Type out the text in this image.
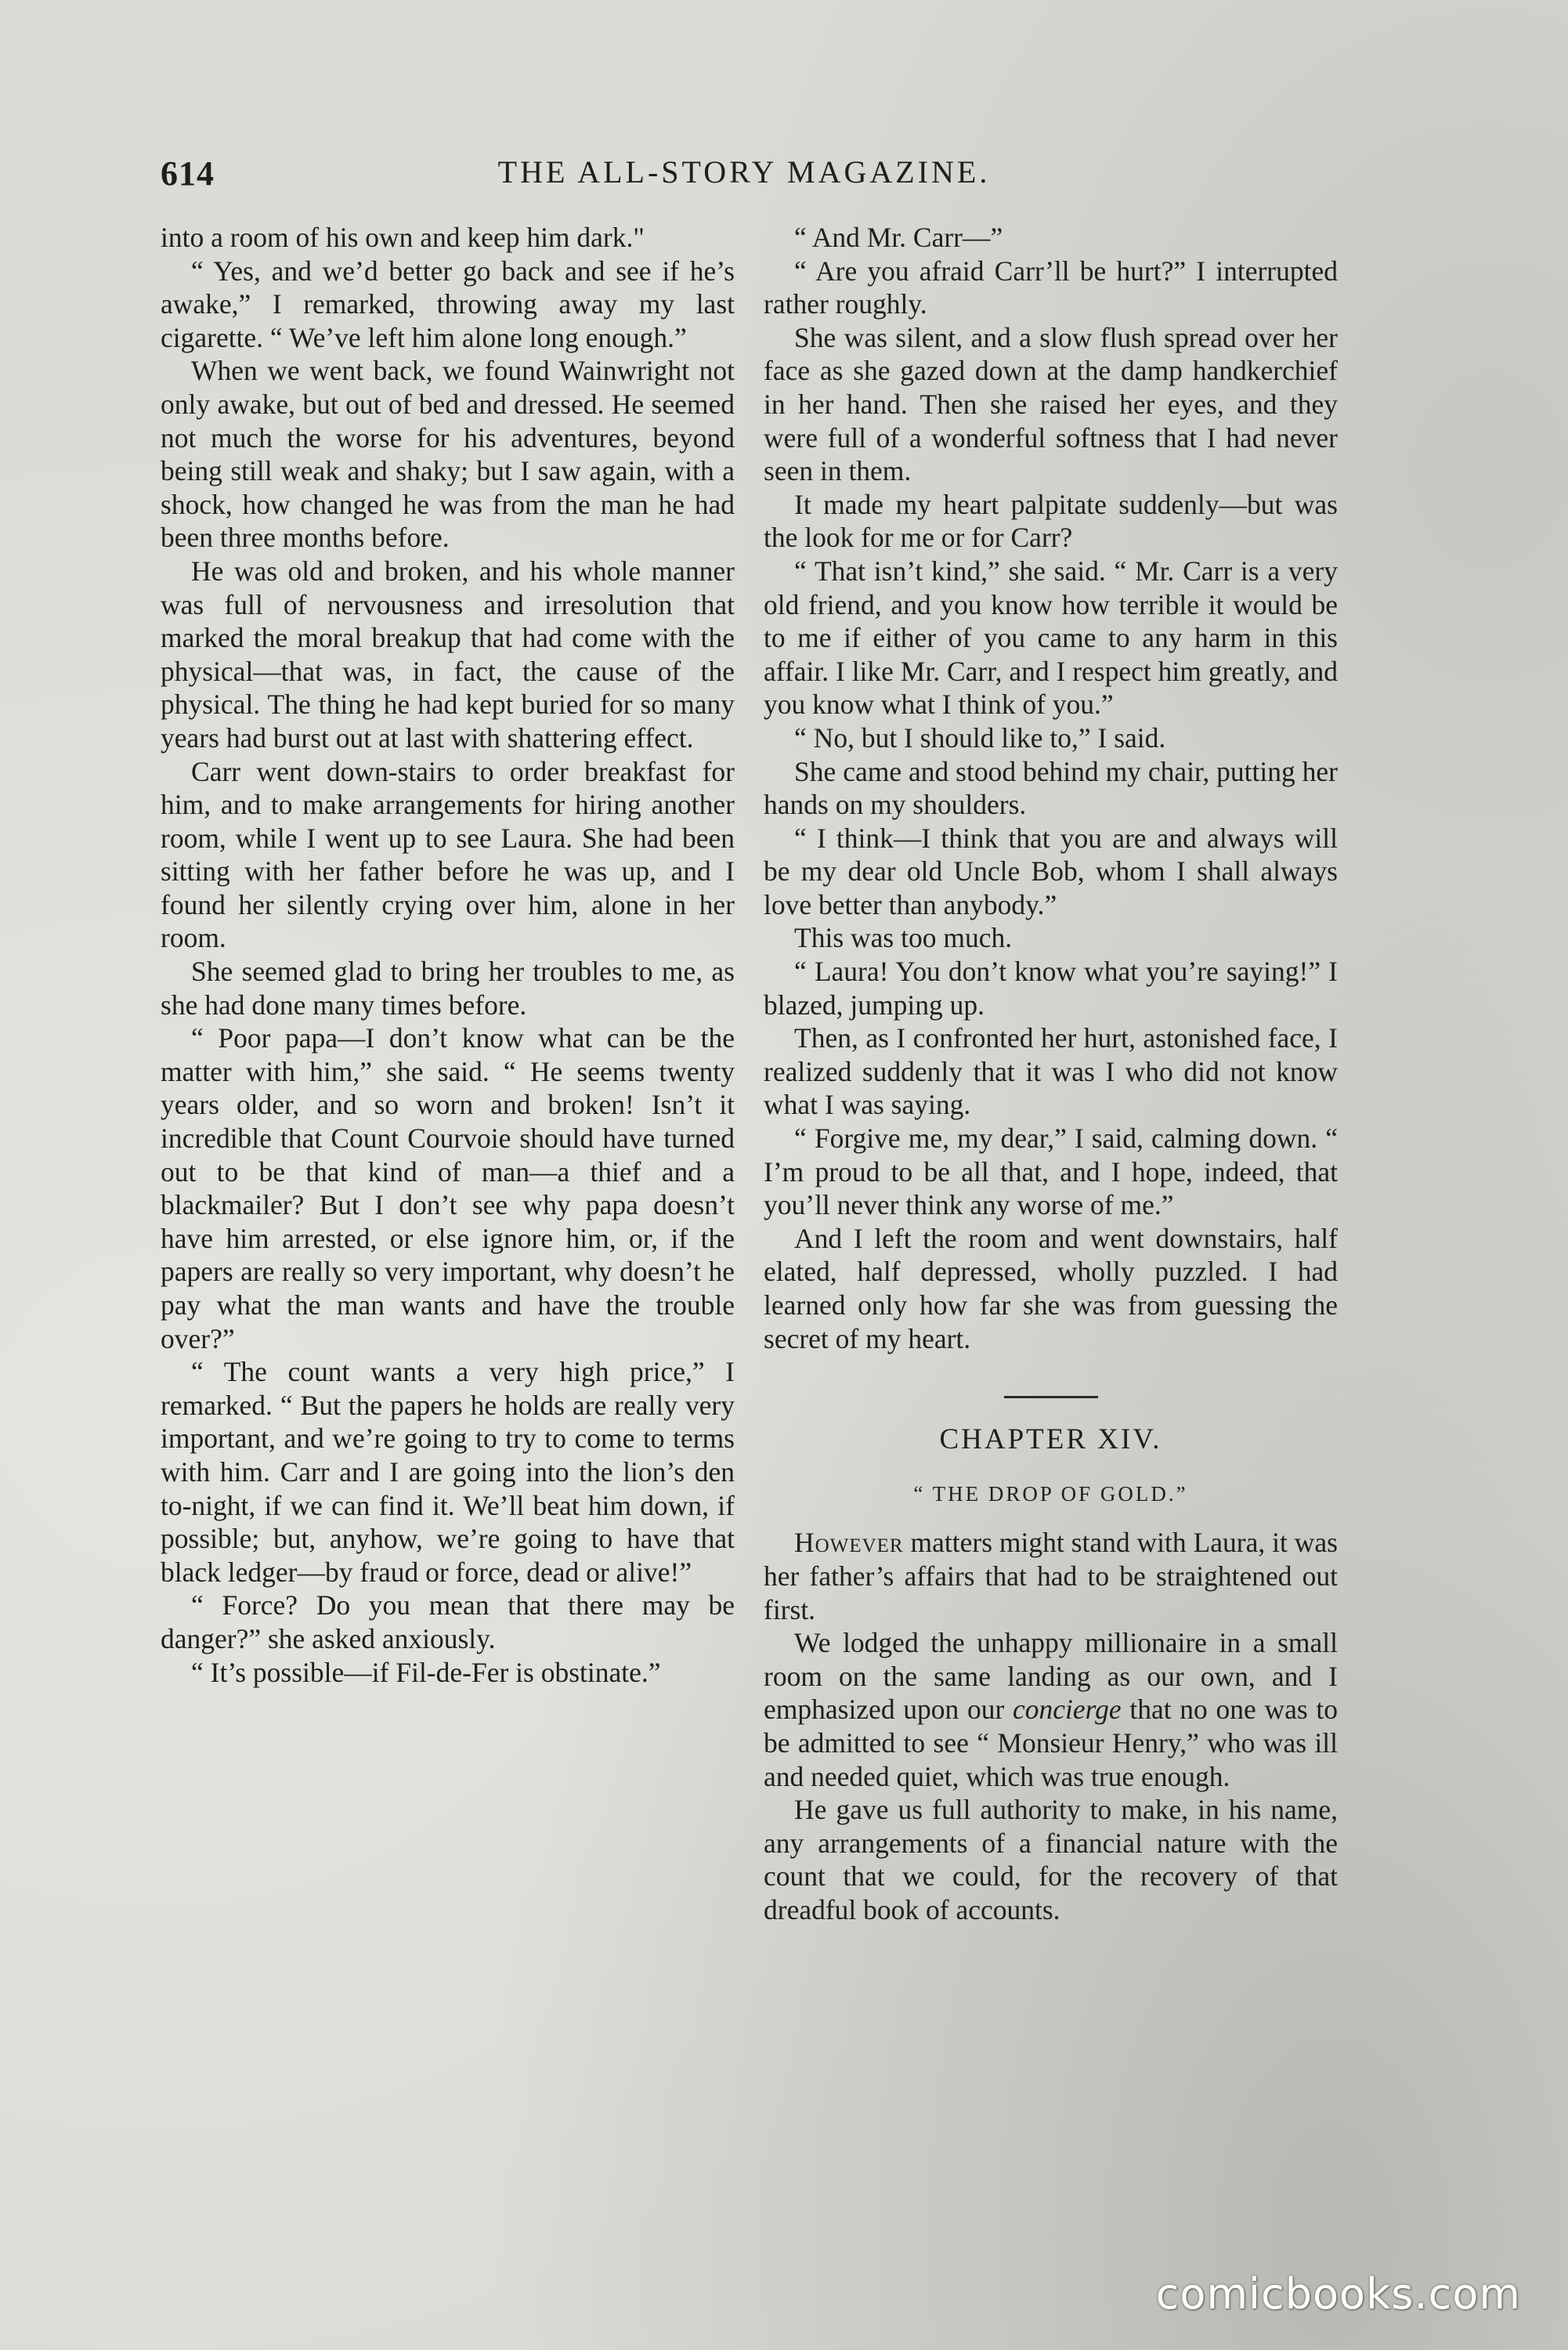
614	THE ALL-STORY MAGAZINE.

into a room of his own and keep him dark."

“ Yes, and we’d better go back and see if he’s awake,” I remarked, throwing away my last cigarette. “ We’ve left him alone long enough.”

When we went back, we found Wainwright not only awake, but out of bed and dressed. He seemed not much the worse for his adventures, beyond being still weak and shaky; but I saw again, with a shock, how changed he was from the man he had been three months before.

He was old and broken, and his whole manner was full of nervousness and irresolution that marked the moral breakup that had come with the physical—that was, in fact, the cause of the physical. The thing he had kept buried for so many years had burst out at last with shattering effect.

Carr went down-stairs to order breakfast for him, and to make arrangements for hiring another room, while I went up to see Laura. She had been sitting with her father before he was up, and I found her silently crying over him, alone in her room.

She seemed glad to bring her troubles to me, as she had done many times before.

“ Poor papa—I don’t know what can be the matter with him,” she said. “ He seems twenty years older, and so worn and broken! Isn’t it incredible that Count Courvoie should have turned out to be that kind of man—a thief and a blackmailer? But I don’t see why papa doesn’t have him arrested, or else ignore him, or, if the papers are really so very important, why doesn’t he pay what the man wants and have the trouble over?”

“ The count wants a very high price,” I remarked. “ But the papers he holds are really very important, and we’re going to try to come to terms with him. Carr and I are going into the lion’s den to-night, if we can find it. We’ll beat him down, if possible; but, anyhow, we’re going to have that black ledger—by fraud or force, dead or alive!”

“ Force? Do you mean that there may be danger?” she asked anxiously.

“ It’s possible—if Fil-de-Fer is obstinate.”

“ And Mr. Carr—”

“ Are you afraid Carr’ll be hurt?” I interrupted rather roughly.

She was silent, and a slow flush spread over her face as she gazed down at the damp handkerchief in her hand. Then she raised her eyes, and they were full of a wonderful softness that I had never seen in them.

It made my heart palpitate suddenly—but was the look for me or for Carr?

“ That isn’t kind,” she said. “ Mr. Carr is a very old friend, and you know how terrible it would be to me if either of you came to any harm in this affair. I like Mr. Carr, and I respect him greatly, and you know what I think of you.”

“ No, but I should like to,” I said.

She came and stood behind my chair, putting her hands on my shoulders.

“ I think—I think that you are and always will be my dear old Uncle Bob, whom I shall always love better than anybody.”

This was too much.

“ Laura! You don’t know what you’re saying!” I blazed, jumping up.

Then, as I confronted her hurt, astonished face, I realized suddenly that it was I who did not know what I was saying.

“ Forgive me, my dear,” I said, calming down. “ I’m proud to be all that, and I hope, indeed, that you’ll never think any worse of me.”

And I left the room and went downstairs, half elated, half depressed, wholly puzzled. I had learned only how far she was from guessing the secret of my heart.

CHAPTER XIV.
“ THE DROP OF GOLD.”

However matters might stand with Laura, it was her father’s affairs that had to be straightened out first.

We lodged the unhappy millionaire in a small room on the same landing as our own, and I emphasized upon our concierge that no one was to be admitted to see “ Monsieur Henry,” who was ill and needed quiet, which was true enough.

He gave us full authority to make, in his name, any arrangements of a financial nature with the count that we could, for the recovery of that dreadful book of accounts.

comicbooks.com
